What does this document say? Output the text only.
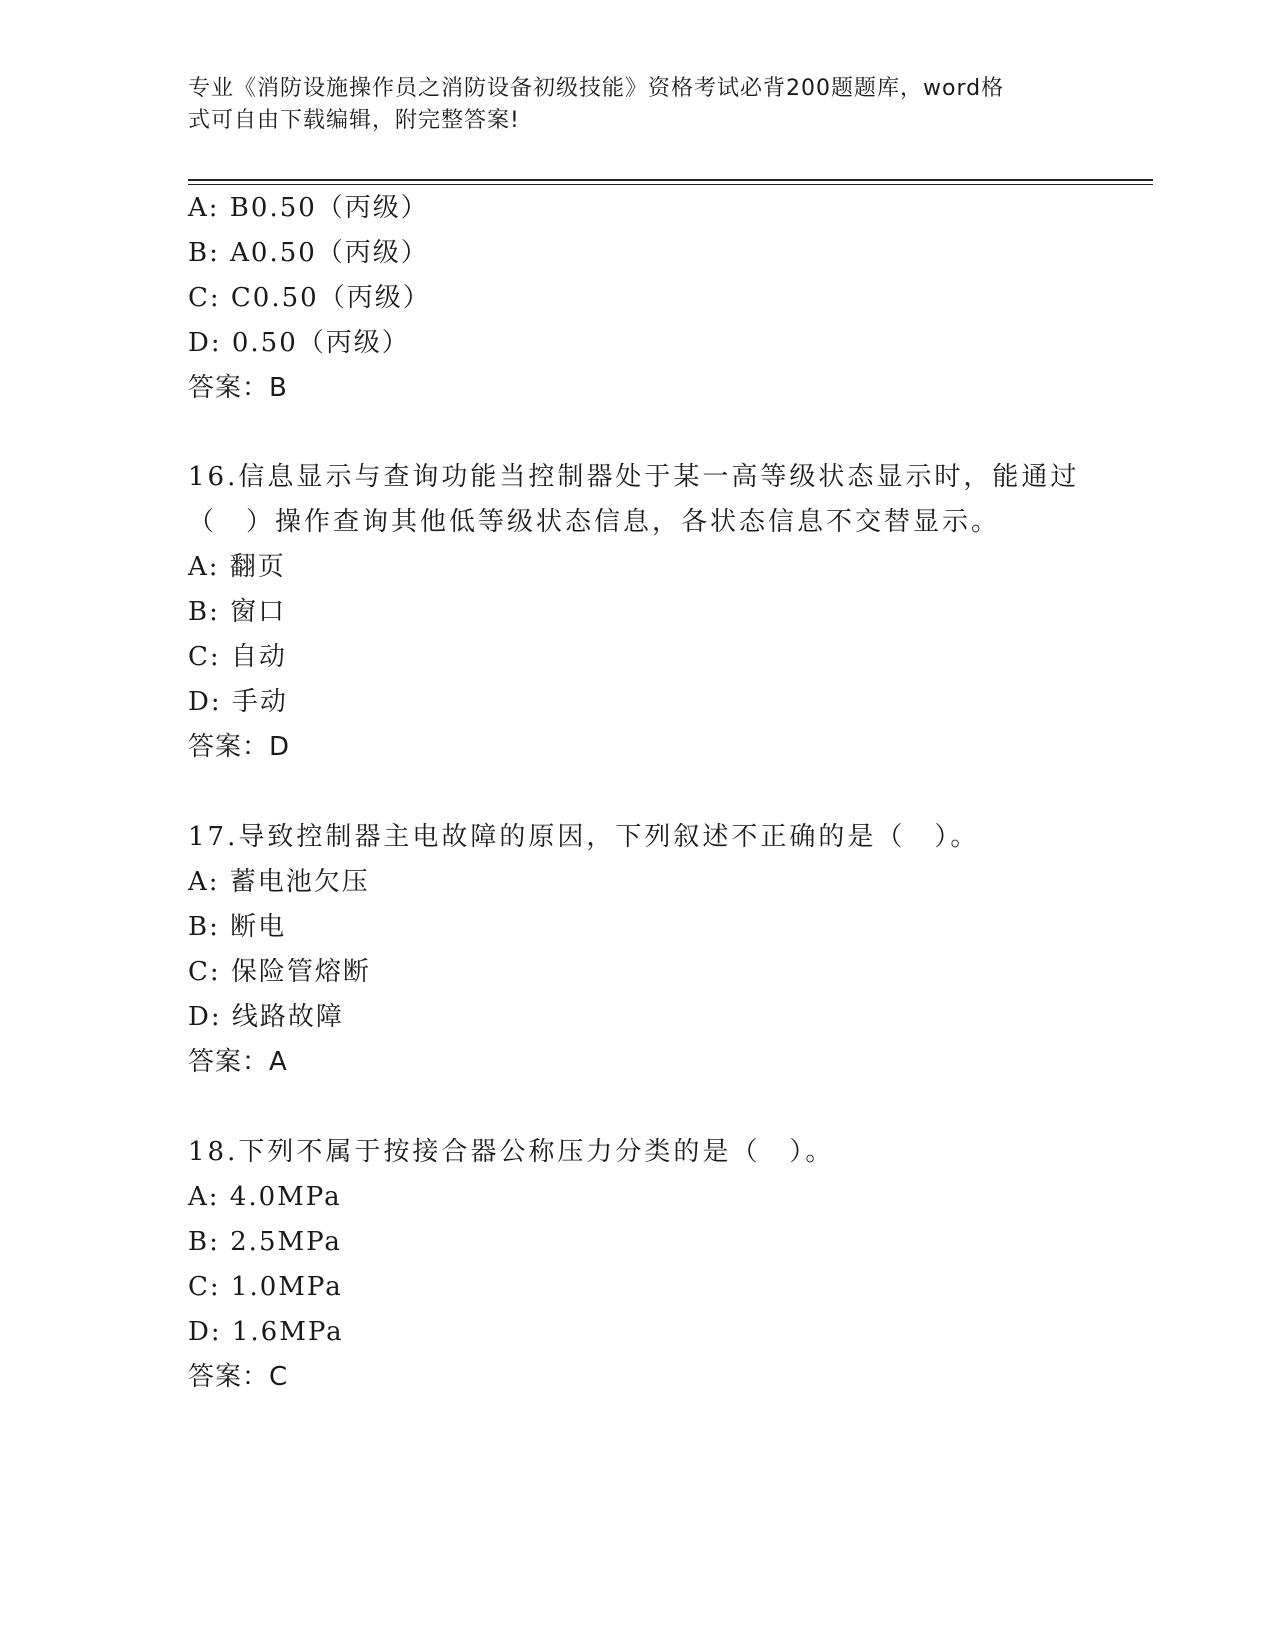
专业《消防设施操作员之消防设备初级技能》资格考试必背200题题库，word格
式可自由下载编辑，附完整答案!
A: B0.50（丙级）
B: A0.50（丙级）
C: C0.50（丙级）
D: 0.50（丙级）
答案：B
16.信息显示与查询功能当控制器处于某一高等级状态显示时，能通过
（　）操作查询其他低等级状态信息，各状态信息不交替显示。
A: 翻页
B: 窗口
C: 自动
D: 手动
答案：D
17.导致控制器主电故障的原因，下列叙述不正确的是（　）。
A: 蓄电池欠压
B: 断电
C: 保险管熔断
D: 线路故障
答案：A
18.下列不属于按接合器公称压力分类的是（　）。
A: 4.0MPa
B: 2.5MPa
C: 1.0MPa
D: 1.6MPa
答案：C
